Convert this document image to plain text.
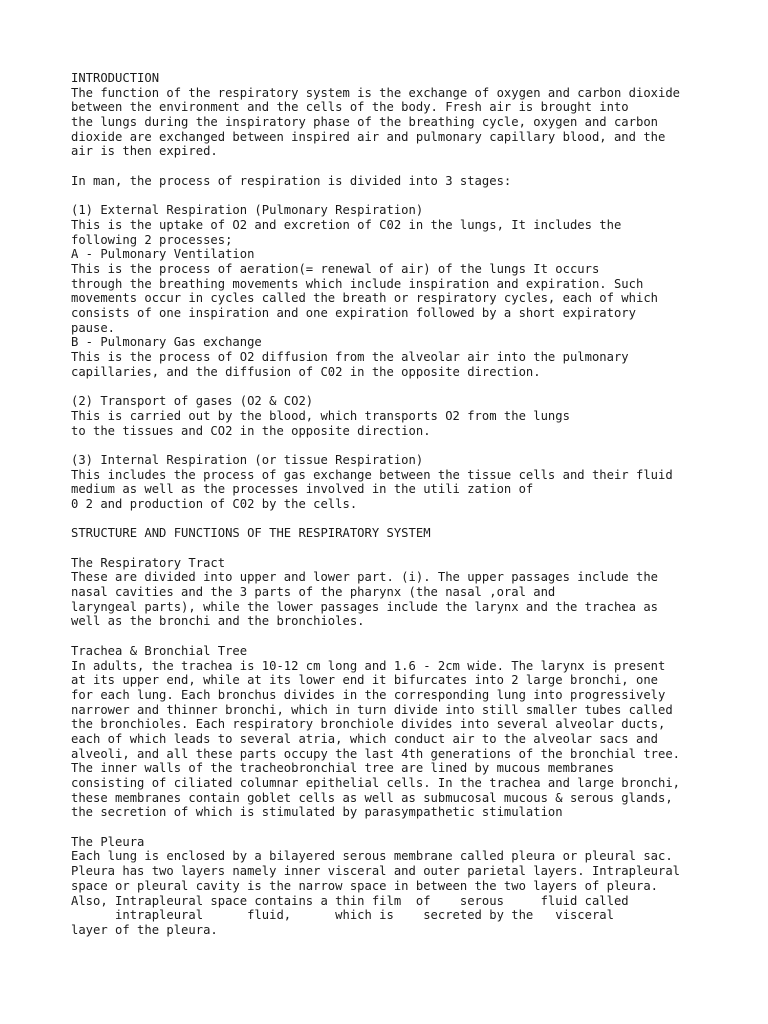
INTRODUCTION
The function of the respiratory system is the exchange of oxygen and carbon dioxide
between the environment and the cells of the body. Fresh air is brought into
the lungs during the inspiratory phase of the breathing cycle, oxygen and carbon
dioxide are exchanged between inspired air and pulmonary capillary blood, and the
air is then expired.
In man, the process of respiration is divided into 3 stages:
(1) External Respiration (Pulmonary Respiration)
This is the uptake of O2 and excretion of C02 in the lungs, It includes the
following 2 processes;
A - Pulmonary Ventilation
This is the process of aeration(= renewal of air) of the lungs It occurs
through the breathing movements which include inspiration and expiration. Such
movements occur in cycles called the breath or respiratory cycles, each of which
consists of one inspiration and one expiration followed by a short expiratory
pause.
B - Pulmonary Gas exchange
This is the process of O2 diffusion from the alveolar air into the pulmonary
capillaries, and the diffusion of C02 in the opposite direction.
(2) Transport of gases (O2 & CO2)
This is carried out by the blood, which transports O2 from the lungs
to the tissues and CO2 in the opposite direction.
(3) Internal Respiration (or tissue Respiration)
This includes the process of gas exchange between the tissue cells and their fluid
medium as well as the processes involved in the utili zation of
0 2 and production of C02 by the cells.
STRUCTURE AND FUNCTIONS OF THE RESPIRATORY SYSTEM
The Respiratory Tract
These are divided into upper and lower part. (i). The upper passages include the
nasal cavities and the 3 parts of the pharynx (the nasal ,oral and
laryngeal parts), while the lower passages include the larynx and the trachea as
well as the bronchi and the bronchioles.
Trachea & Bronchial Tree
In adults, the trachea is 10-12 cm long and 1.6 - 2cm wide. The larynx is present
at its upper end, while at its lower end it bifurcates into 2 large bronchi, one
for each lung. Each bronchus divides in the corresponding lung into progressively
narrower and thinner bronchi, which in turn divide into still smaller tubes called
the bronchioles. Each respiratory bronchiole divides into several alveolar ducts,
each of which leads to several atria, which conduct air to the alveolar sacs and
alveoli, and all these parts occupy the last 4th generations of the bronchial tree.
The inner walls of the tracheobronchial tree are lined by mucous membranes
consisting of ciliated columnar epithelial cells. In the trachea and large bronchi,
these membranes contain goblet cells as well as submucosal mucous & serous glands,
the secretion of which is stimulated by parasympathetic stimulation
The Pleura
Each lung is enclosed by a bilayered serous membrane called pleura or pleural sac.
Pleura has two layers namely inner visceral and outer parietal layers. Intrapleural
space or pleural cavity is the narrow space in between the two layers of pleura.
Also, Intrapleural space contains a thin film  of    serous     fluid called
intrapleural      fluid,      which is    secreted by the   visceral
layer of the pleura.
